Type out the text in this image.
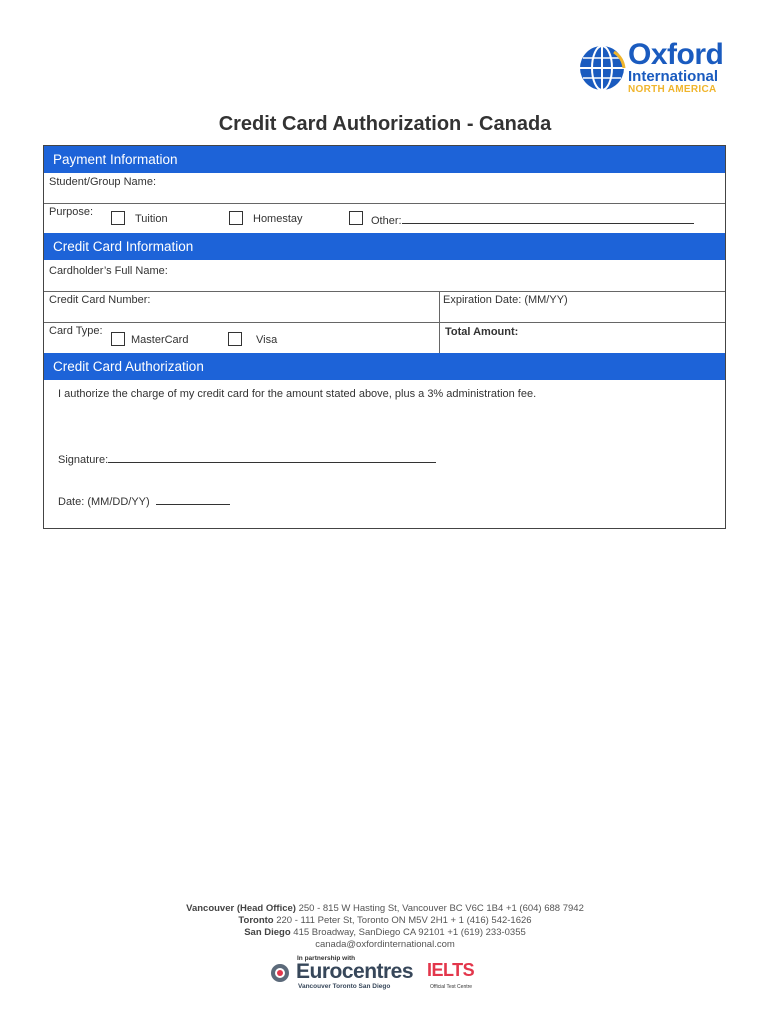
Oxford
International
NORTH AMERICA
Credit Card Authorization - Canada
Payment Information
Student/Group Name:
Purpose:
Tuition	Homestay	Other:
Credit Card Information
Cardholder’s Full Name:
Credit Card Number:	Expiration Date: (MM/YY)
Card Type:
MasterCard	Visa
Total Amount:
Credit Card Authorization
I authorize the charge of my credit card for the amount stated above, plus a 3% administration fee.
Signature:
Date: (MM/DD/YY)
Vancouver (Head Office) 250 - 815 W Hasting St, Vancouver BC V6C 1B4 +1 (604) 688 7942
Toronto 220 - 111 Peter St, Toronto ON M5V 2H1 + 1 (416) 542-1626
San Diego 415 Broadway, SanDiego CA 92101 +1 (619) 233-0355
canada@oxfordinternational.com
In partnership with
Eurocentres
Vancouver Toronto San Diego
IELTS
Official Test Centre
